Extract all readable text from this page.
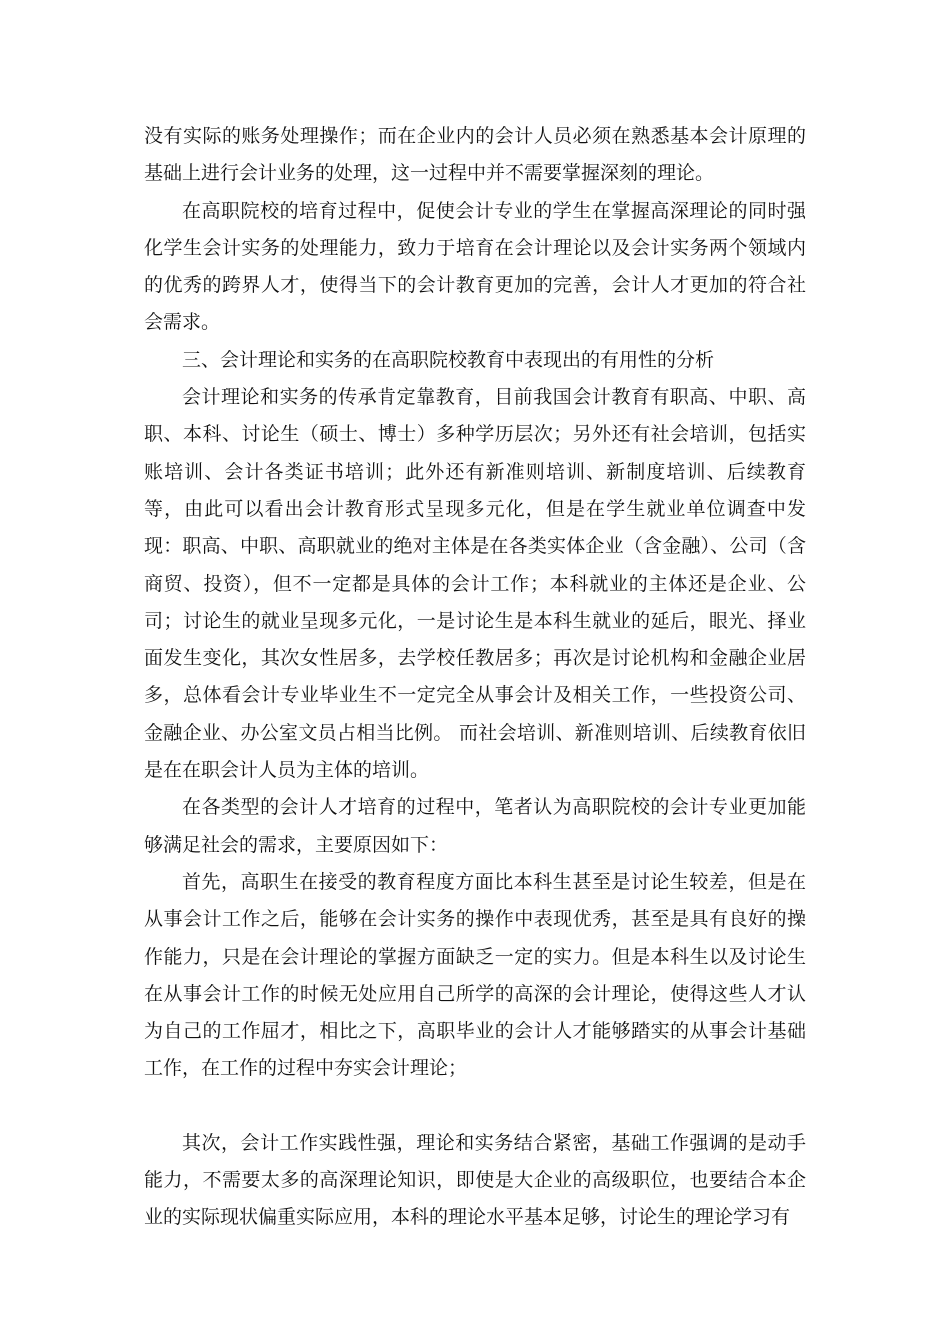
没有实际的账务处理操作；而在企业内的会计人员必须在熟悉基本会计原理的基础上进行会计业务的处理，这一过程中并不需要掌握深刻的理论。

在高职院校的培育过程中，促使会计专业的学生在掌握高深理论的同时强化学生会计实务的处理能力，致力于培育在会计理论以及会计实务两个领域内的优秀的跨界人才，使得当下的会计教育更加的完善，会计人才更加的符合社会需求。

三、会计理论和实务的在高职院校教育中表现出的有用性的分析

会计理论和实务的传承肯定靠教育，目前我国会计教育有职高、中职、高职、本科、讨论生（硕士、博士）多种学历层次；另外还有社会培训，包括实账培训、会计各类证书培训；此外还有新准则培训、新制度培训、后续教育等，由此可以看出会计教育形式呈现多元化，但是在学生就业单位调查中发现：职高、中职、高职就业的绝对主体是在各类实体企业（含金融）、公司（含商贸、投资），但不一定都是具体的会计工作；本科就业的主体还是企业、公司；讨论生的就业呈现多元化，一是讨论生是本科生就业的延后，眼光、择业面发生变化，其次女性居多，去学校任教居多；再次是讨论机构和金融企业居多，总体看会计专业毕业生不一定完全从事会计及相关工作，一些投资公司、金融企业、办公室文员占相当比例。 而社会培训、新准则培训、后续教育依旧是在在职会计人员为主体的培训。

在各类型的会计人才培育的过程中，笔者认为高职院校的会计专业更加能够满足社会的需求，主要原因如下：

首先，高职生在接受的教育程度方面比本科生甚至是讨论生较差，但是在从事会计工作之后，能够在会计实务的操作中表现优秀，甚至是具有良好的操作能力，只是在会计理论的掌握方面缺乏一定的实力。但是本科生以及讨论生在从事会计工作的时候无处应用自己所学的高深的会计理论，使得这些人才认为自己的工作屈才，相比之下，高职毕业的会计人才能够踏实的从事会计基础工作，在工作的过程中夯实会计理论；

其次，会计工作实践性强，理论和实务结合紧密，基础工作强调的是动手能力，不需要太多的高深理论知识，即使是大企业的高级职位，也要结合本企业的实际现状偏重实际应用，本科的理论水平基本足够，讨论生的理论学习有
